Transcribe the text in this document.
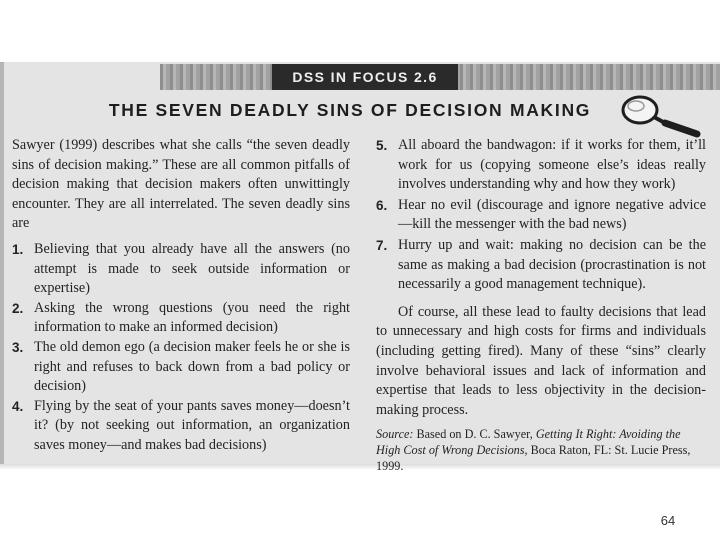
DSS IN FOCUS 2.6
THE SEVEN DEADLY SINS OF DECISION MAKING

Sawyer (1999) describes what she calls “the seven deadly sins of decision making.” These are all common pitfalls of decision making that decision makers often unwittingly encounter. They are all interrelated. The seven deadly sins are

1. Believing that you already have all the answers (no attempt is made to seek outside information or expertise)
2. Asking the wrong questions (you need the right information to make an informed decision)
3. The old demon ego (a decision maker feels he or she is right and refuses to back down from a bad policy or decision)
4. Flying by the seat of your pants saves money—doesn’t it? (by not seeking out information, an organization saves money—and makes bad decisions)
5. All aboard the bandwagon: if it works for them, it’ll work for us (copying someone else’s ideas really involves understanding why and how they work)
6. Hear no evil (discourage and ignore negative advice—kill the messenger with the bad news)
7. Hurry up and wait: making no decision can be the same as making a bad decision (procrastination is not necessarily a good management technique).

Of course, all these lead to faulty decisions that lead to unnecessary and high costs for firms and individuals (including getting fired). Many of these “sins” clearly involve behavioral issues and lack of information and expertise that leads to less objectivity in the decision-making process.

Source: Based on D. C. Sawyer, Getting It Right: Avoiding the High Cost of Wrong Decisions, Boca Raton, FL: St. Lucie Press, 1999.

64
